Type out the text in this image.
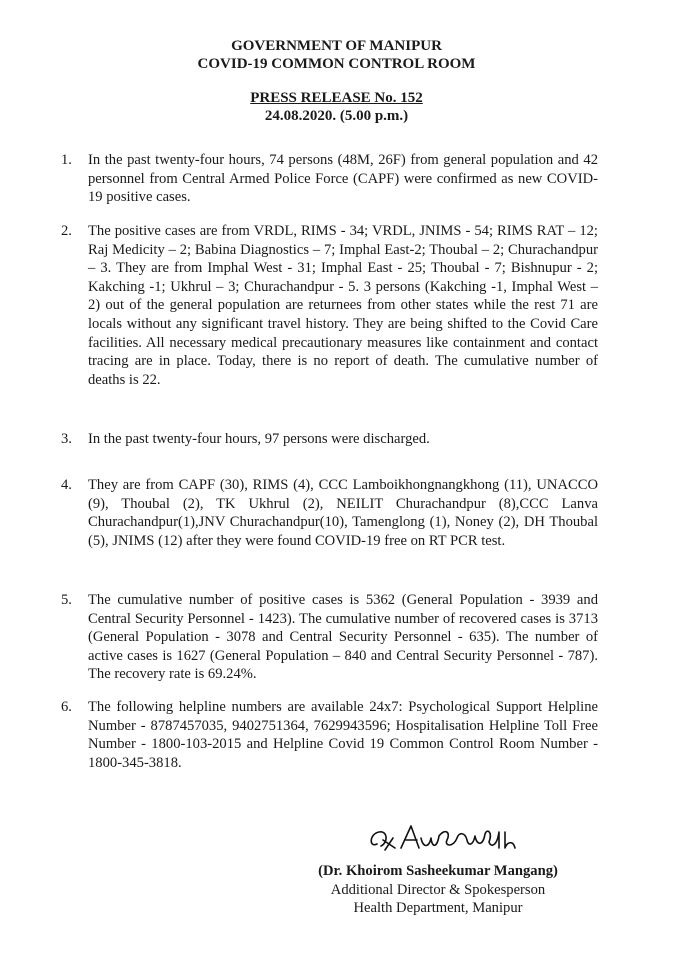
GOVERNMENT OF MANIPUR
COVID-19 COMMON CONTROL ROOM
PRESS RELEASE No. 152
24.08.2020. (5.00 p.m.)
1. In the past twenty-four hours, 74 persons (48M, 26F) from general population and 42 personnel from Central Armed Police Force (CAPF) were confirmed as new COVID-19 positive cases.
2. The positive cases are from VRDL, RIMS - 34; VRDL, JNIMS - 54; RIMS RAT – 12; Raj Medicity – 2; Babina Diagnostics – 7; Imphal East-2; Thoubal – 2; Churachandpur – 3. They are from Imphal West - 31; Imphal East - 25; Thoubal - 7; Bishnupur - 2; Kakching -1; Ukhrul – 3; Churachandpur - 5. 3 persons (Kakching -1, Imphal West – 2) out of the general population are returnees from other states while the rest 71 are locals without any significant travel history. They are being shifted to the Covid Care facilities. All necessary medical precautionary measures like containment and contact tracing are in place. Today, there is no report of death. The cumulative number of deaths is 22.
3. In the past twenty-four hours, 97 persons were discharged.
4. They are from CAPF (30), RIMS (4), CCC Lamboikhongnangkhong (11), UNACCO (9), Thoubal (2), TK Ukhrul (2), NEILIT Churachandpur (8),CCC Lanva Churachandpur(1),JNV Churachandpur(10), Tamenglong (1), Noney (2), DH Thoubal (5), JNIMS (12) after they were found COVID-19 free on RT PCR test.
5. The cumulative number of positive cases is 5362 (General Population - 3939 and Central Security Personnel - 1423). The cumulative number of recovered cases is 3713 (General Population - 3078 and Central Security Personnel - 635). The number of active cases is 1627 (General Population – 840 and Central Security Personnel - 787). The recovery rate is 69.24%.
6. The following helpline numbers are available 24x7: Psychological Support Helpline Number - 8787457035, 9402751364, 7629943596; Hospitalisation Helpline Toll Free Number - 1800-103-2015 and Helpline Covid 19 Common Control Room Number - 1800-345-3818.
(Dr. Khoirom Sasheekumar Mangang)
Additional Director & Spokesperson
Health Department, Manipur
